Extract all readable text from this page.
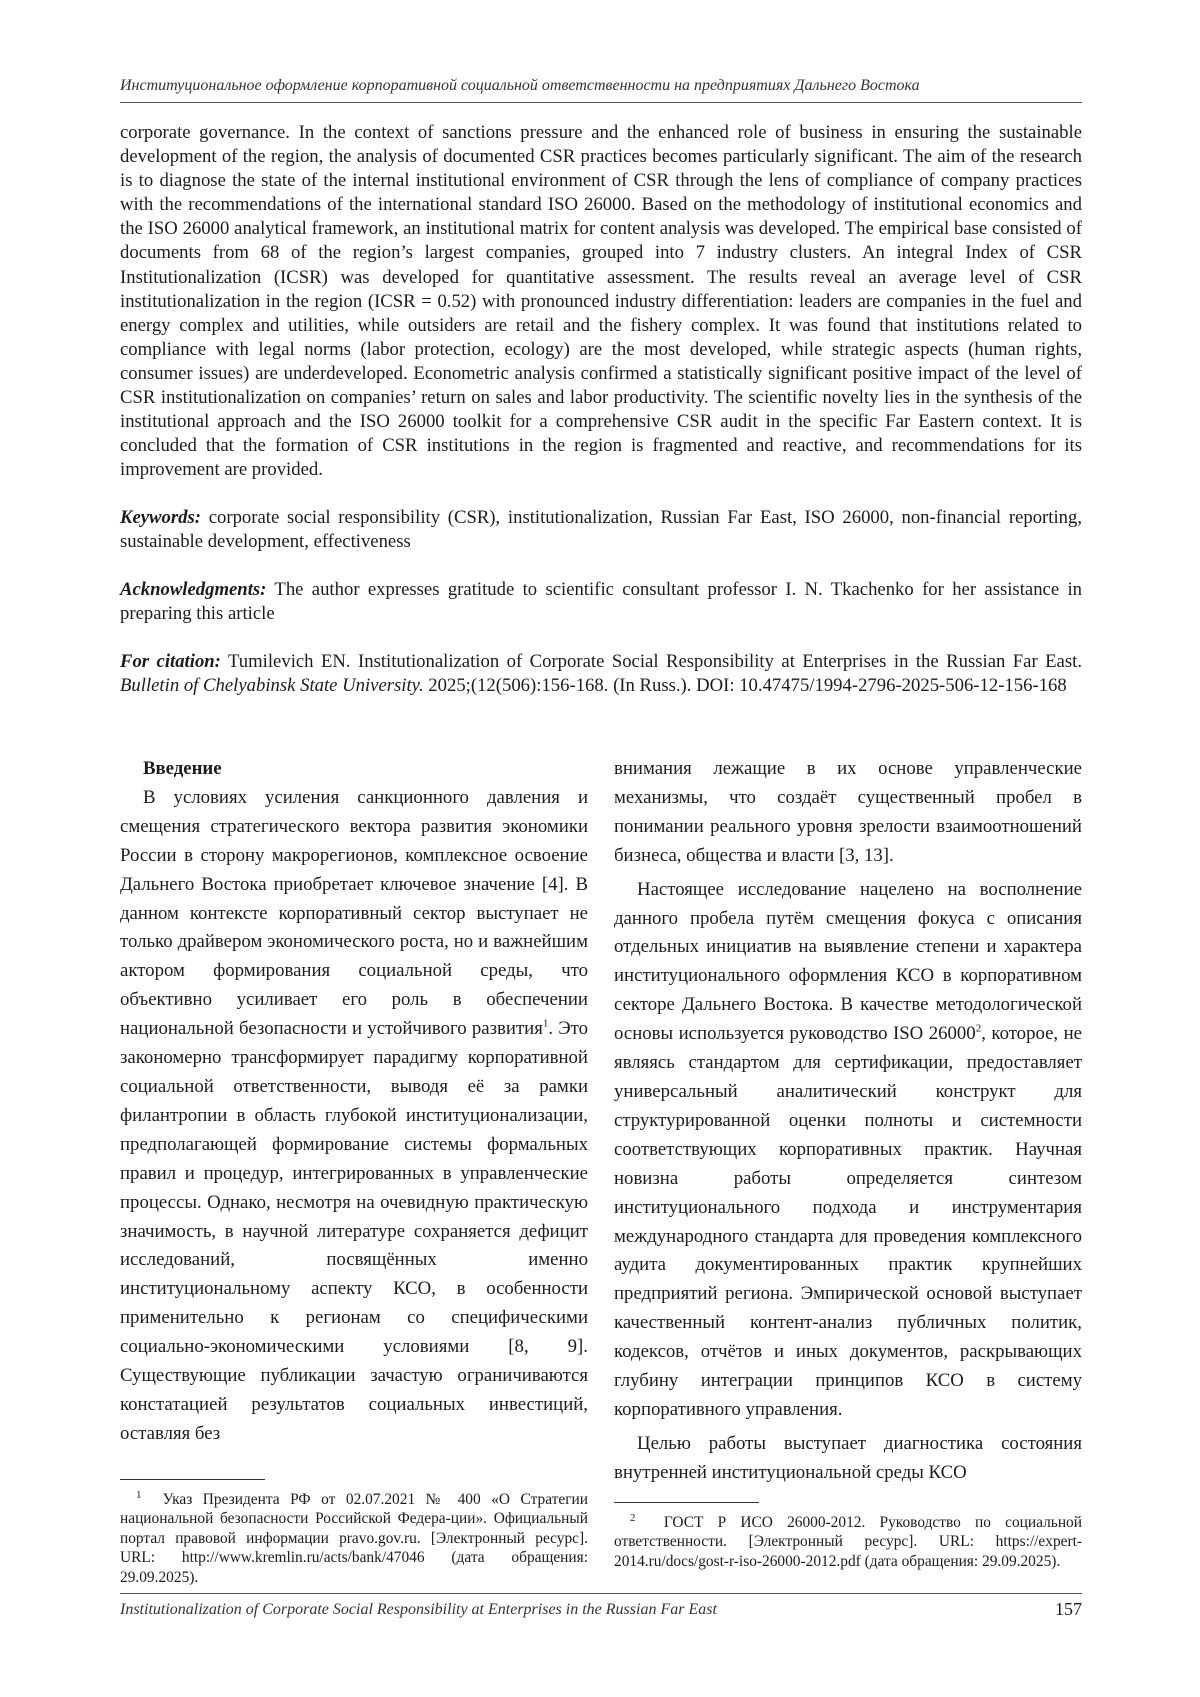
Институциональное оформление корпоративной социальной ответственности на предприятиях Дальнего Востока
corporate governance. In the context of sanctions pressure and the enhanced role of business in ensuring the sustainable development of the region, the analysis of documented CSR practices becomes particularly significant. The aim of the research is to diagnose the state of the internal institutional environment of CSR through the lens of compliance of company practices with the recommendations of the international standard ISO 26000. Based on the methodology of institutional economics and the ISO 26000 analytical framework, an institutional matrix for content analysis was developed. The empirical base consisted of documents from 68 of the region’s largest companies, grouped into 7 industry clusters. An integral Index of CSR Institutionalization (ICSR) was developed for quantitative assessment. The results reveal an average level of CSR institutionalization in the region (ICSR = 0.52) with pronounced industry differentiation: leaders are companies in the fuel and energy complex and utilities, while outsiders are retail and the fishery complex. It was found that institutions related to compliance with legal norms (labor protection, ecology) are the most developed, while strategic aspects (human rights, consumer issues) are underdeveloped. Econometric analysis confirmed a statistically significant positive impact of the level of CSR institutionalization on companies’ return on sales and labor productivity. The scientific novelty lies in the synthesis of the institutional approach and the ISO 26000 toolkit for a comprehensive CSR audit in the specific Far Eastern context. It is concluded that the formation of CSR institutions in the region is fragmented and reactive, and recommendations for its improvement are provided.
Keywords: corporate social responsibility (CSR), institutionalization, Russian Far East, ISO 26000, non-financial reporting, sustainable development, effectiveness
Acknowledgments: The author expresses gratitude to scientific consultant professor I. N. Tkachenko for her assistance in preparing this article
For citation: Tumilevich EN. Institutionalization of Corporate Social Responsibility at Enterprises in the Russian Far East. Bulletin of Chelyabinsk State University. 2025;(12(506):156-168. (In Russ.). DOI: 10.47475/1994-2796-2025-506-12-156-168
Введение

В условиях усиления санкционного давления и смещения стратегического вектора развития экономики России в сторону макрорегионов, комплексное освоение Дальнего Востока приобретает ключевое значение [4]. В данном контексте корпоративный сектор выступает не только драйвером экономического роста, но и важнейшим актором формирования социальной среды, что объективно усиливает его роль в обеспечении национальной безопасности и устойчивого развития$^1$. Это закономерно трансформирует парадигму корпоративной социальной ответственности, выводя её за рамки филантропии в область глубокой институционализации, предполагающей формирование системы формальных правил и процедур, интегрированных в управленческие процессы. Однако, несмотря на очевидную практическую значимость, в научной литературе сохраняется дефицит исследований, посвящённых именно институциональному аспекту КСО, в особенности применительно к регионам со специфическими социально-экономическими условиями [8, 9]. Существующие публикации зачастую ограничиваются констатацией результатов социальных инвестиций, оставляя без

внимания лежащие в их основе управленческие механизмы, что создаёт существенный пробел в понимании реального уровня зрелости взаимоотношений бизнеса, общества и власти [3, 13].

Настоящее исследование нацелено на восполнение данного пробела путём смещения фокуса с описания отдельных инициатив на выявление степени и характера институционального оформления КСО в корпоративном секторе Дальнего Востока. В качестве методологической основы используется руководство ISO 26000$^2$, которое, не являясь стандартом для сертификации, предоставляет универсальный аналитический конструкт для структурированной оценки полноты и системности соответствующих корпоративных практик. Научная новизна работы определяется синтезом институционального подхода и инструментария международного стандарта для проведения комплексного аудита документированных практик крупнейших предприятий региона. Эмпирической основой выступает качественный контент-анализ публичных политик, кодексов, отчётов и иных документов, раскрывающих глубину интеграции принципов КСО в систему корпоративного управления.

Целью работы выступает диагностика состояния внутренней институциональной среды КСО

$^1$ Указ Президента РФ от 02.07.2021 № 400 «О Стратегии национальной безопасности Российской Федера-ции». Официальный портал правовой информации pravo.gov.ru. [Электронный ресурс]. URL: http://www.kremlin.ru/acts/bank/47046 (дата обращения: 29.09.2025).

$^2$ ГОСТ Р ИСО 26000-2012. Руководство по социальной ответственности. [Электронный ресурс]. URL: https://expert-2014.ru/docs/gost-r-iso-26000-2012.pdf (дата обращения: 29.09.2025).

Institutionalization of Corporate Social Responsibility at Enterprises in the Russian Far East	157
